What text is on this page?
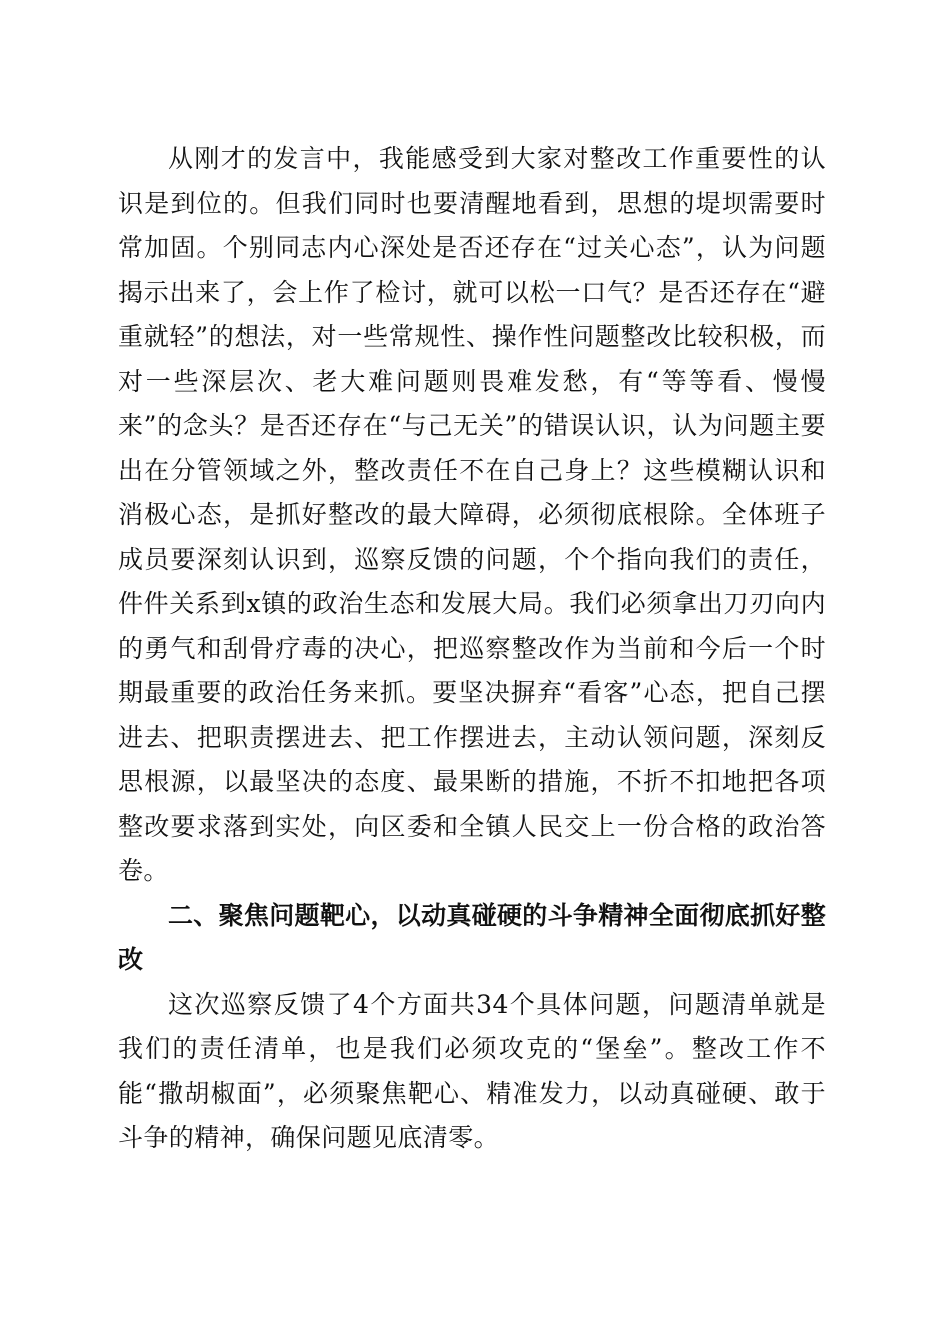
从刚才的发言中，我能感受到大家对整改工作重要性的认识是到位的。但我们同时也要清醒地看到，思想的堤坝需要时常加固。个别同志内心深处是否还存在“过关心态”，认为问题揭示出来了，会上作了检讨，就可以松一口气？是否还存在“避重就轻”的想法，对一些常规性、操作性问题整改比较积极，而对一些深层次、老大难问题则畏难发愁，有“等等看、慢慢来”的念头？是否还存在“与己无关”的错误认识，认为问题主要出在分管领域之外，整改责任不在自己身上？这些模糊认识和消极心态，是抓好整改的最大障碍，必须彻底根除。全体班子成员要深刻认识到，巡察反馈的问题，个个指向我们的责任，件件关系到x镇的政治生态和发展大局。我们必须拿出刀刃向内的勇气和刮骨疗毒的决心，把巡察整改作为当前和今后一个时期最重要的政治任务来抓。要坚决摒弃“看客”心态，把自己摆进去、把职责摆进去、把工作摆进去，主动认领问题，深刻反思根源，以最坚决的态度、最果断的措施，不折不扣地把各项整改要求落到实处，向区委和全镇人民交上一份合格的政治答卷。

二、聚焦问题靶心，以动真碰硬的斗争精神全面彻底抓好整改

这次巡察反馈了4个方面共34个具体问题，问题清单就是我们的责任清单，也是我们必须攻克的“堡垒”。整改工作不能“撒胡椒面”，必须聚焦靶心、精准发力，以动真碰硬、敢于斗争的精神，确保问题见底清零。
